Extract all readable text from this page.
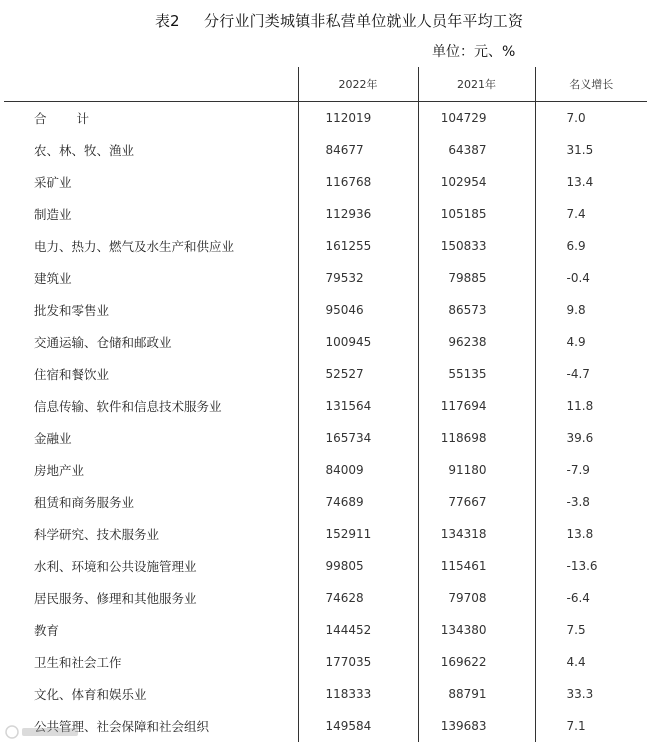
表2 分行业门类城镇非私营单位就业人员年平均工资
单位：元、%
	2022年	2021年	名义增长
合计	112019	104729	7.0
农、林、牧、渔业	84677	64387	31.5
采矿业	116768	102954	13.4
制造业	112936	105185	7.4
电力、热力、燃气及水生产和供应业	161255	150833	6.9
建筑业	79532	79885	-0.4
批发和零售业	95046	86573	9.8
交通运输、仓储和邮政业	100945	96238	4.9
住宿和餐饮业	52527	55135	-4.7
信息传输、软件和信息技术服务业	131564	117694	11.8
金融业	165734	118698	39.6
房地产业	84009	91180	-7.9
租赁和商务服务业	74689	77667	-3.8
科学研究、技术服务业	152911	134318	13.8
水利、环境和公共设施管理业	99805	115461	-13.6
居民服务、修理和其他服务业	74628	79708	-6.4
教育	144452	134380	7.5
卫生和社会工作	177035	169622	4.4
文化、体育和娱乐业	118333	88791	33.3
公共管理、社会保障和社会组织	149584	139683	7.1
